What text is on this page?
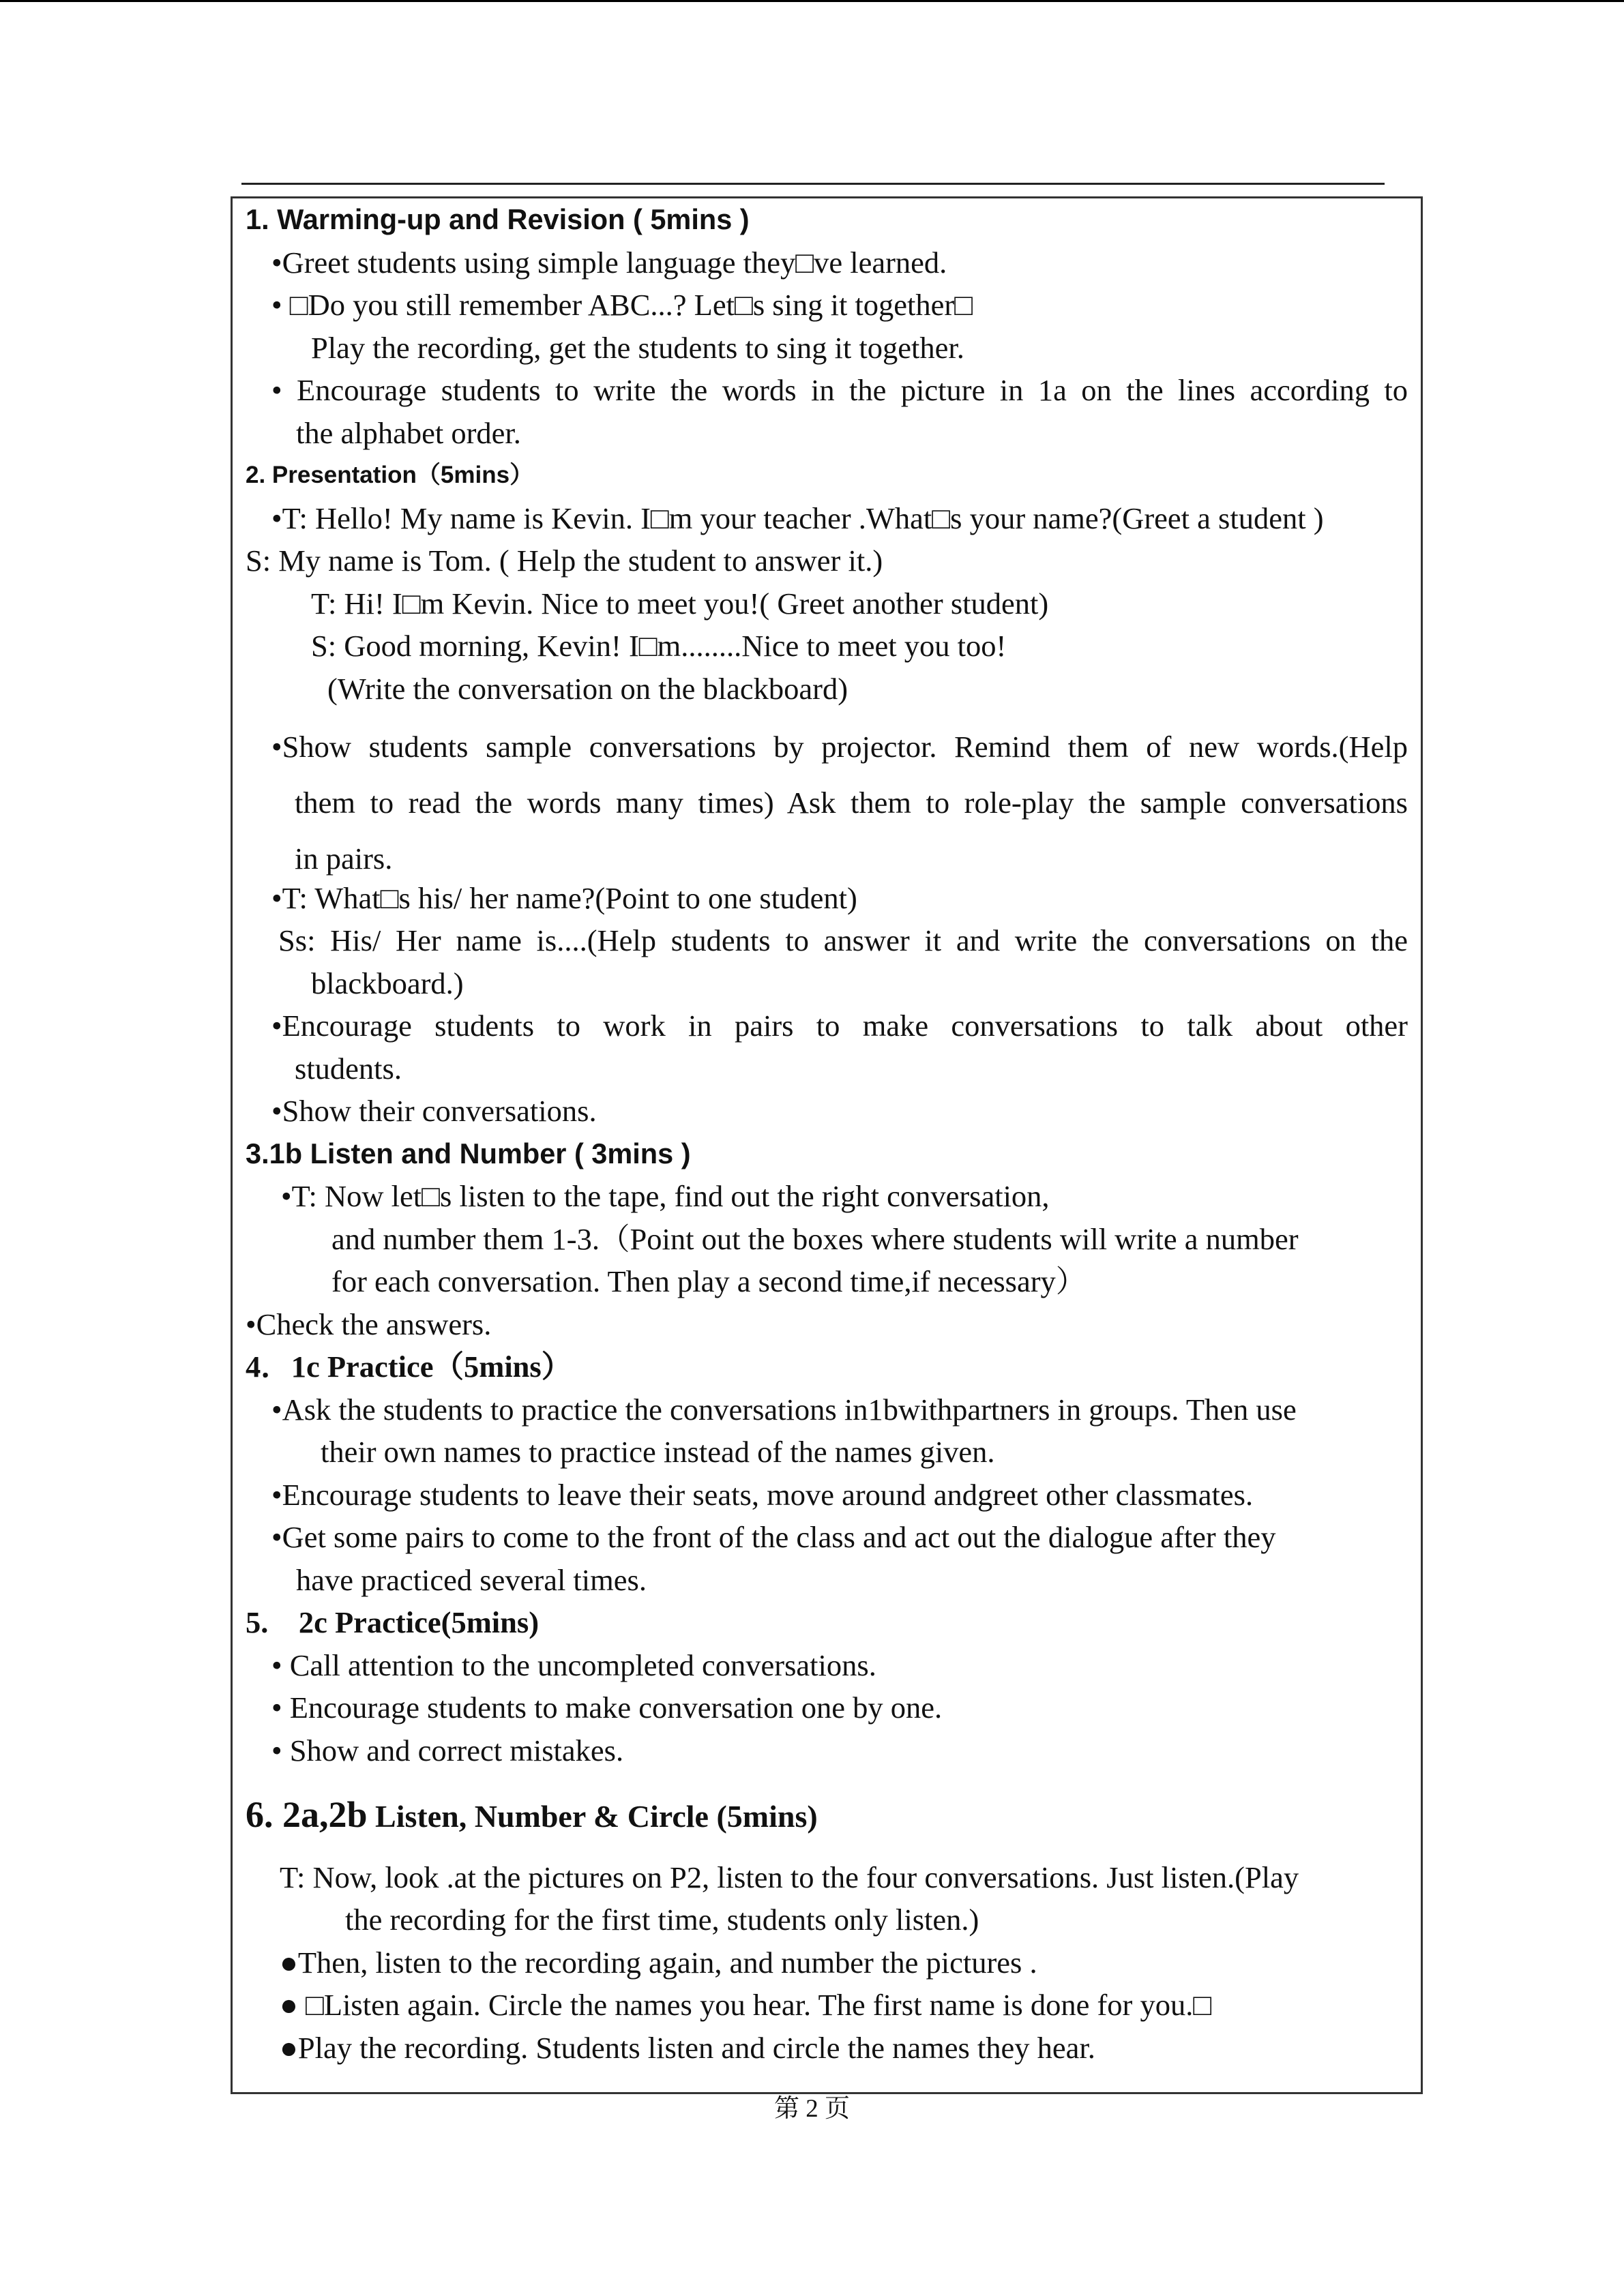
1. Warming-up and Revision ( 5mins )
•Greet students using simple language they□ve learned.
• □Do you still remember ABC...? Let□s sing it together□
Play the recording, get the students to sing it together.
• Encourage students to write the words in the picture in 1a on the lines according to
the alphabet order.
2. Presentation（5mins）
•T: Hello! My name is Kevin. I□m your teacher .What□s your name?(Greet a student )
S: My name is Tom. ( Help the student to answer it.)
T: Hi! I□m Kevin. Nice to meet you!( Greet another student)
S: Good morning, Kevin! I□m........Nice to meet you too!
(Write the conversation on the blackboard)
•Show students sample conversations by projector. Remind them of new words.(Help
them to read the words many times) Ask them to role-play the sample conversations
in pairs.
•T: What□s his/ her name?(Point to one student)
Ss: His/ Her name is....(Help students to answer it and write the conversations on the
blackboard.)
•Encourage students to work in pairs to make conversations to talk about other
students.
•Show their conversations.
3.1b Listen and Number ( 3mins )
•T: Now let□s listen to the tape, find out the right conversation,
and number them 1-3.（Point out the boxes where students will write a number
for each conversation. Then play a second time,if necessary）
•Check the answers.
4．1c Practice（5mins）
•Ask the students to practice the conversations in1bwithpartners in groups. Then use
their own names to practice instead of the names given.
•Encourage students to leave their seats, move around andgreet other classmates.
•Get some pairs to come to the front of the class and act out the dialogue after they
have practiced several times.
5.    2c Practice(5mins)
• Call attention to the uncompleted conversations.
• Encourage students to make conversation one by one.
• Show and correct mistakes.
6. 2a,2b Listen, Number & Circle (5mins)
T: Now, look .at the pictures on P2, listen to the four conversations. Just listen.(Play
the recording for the first time, students only listen.)
●Then, listen to the recording again, and number the pictures .
● □Listen again. Circle the names you hear. The first name is done for you.□
●Play the recording. Students listen and circle the names they hear.
第 2 页
